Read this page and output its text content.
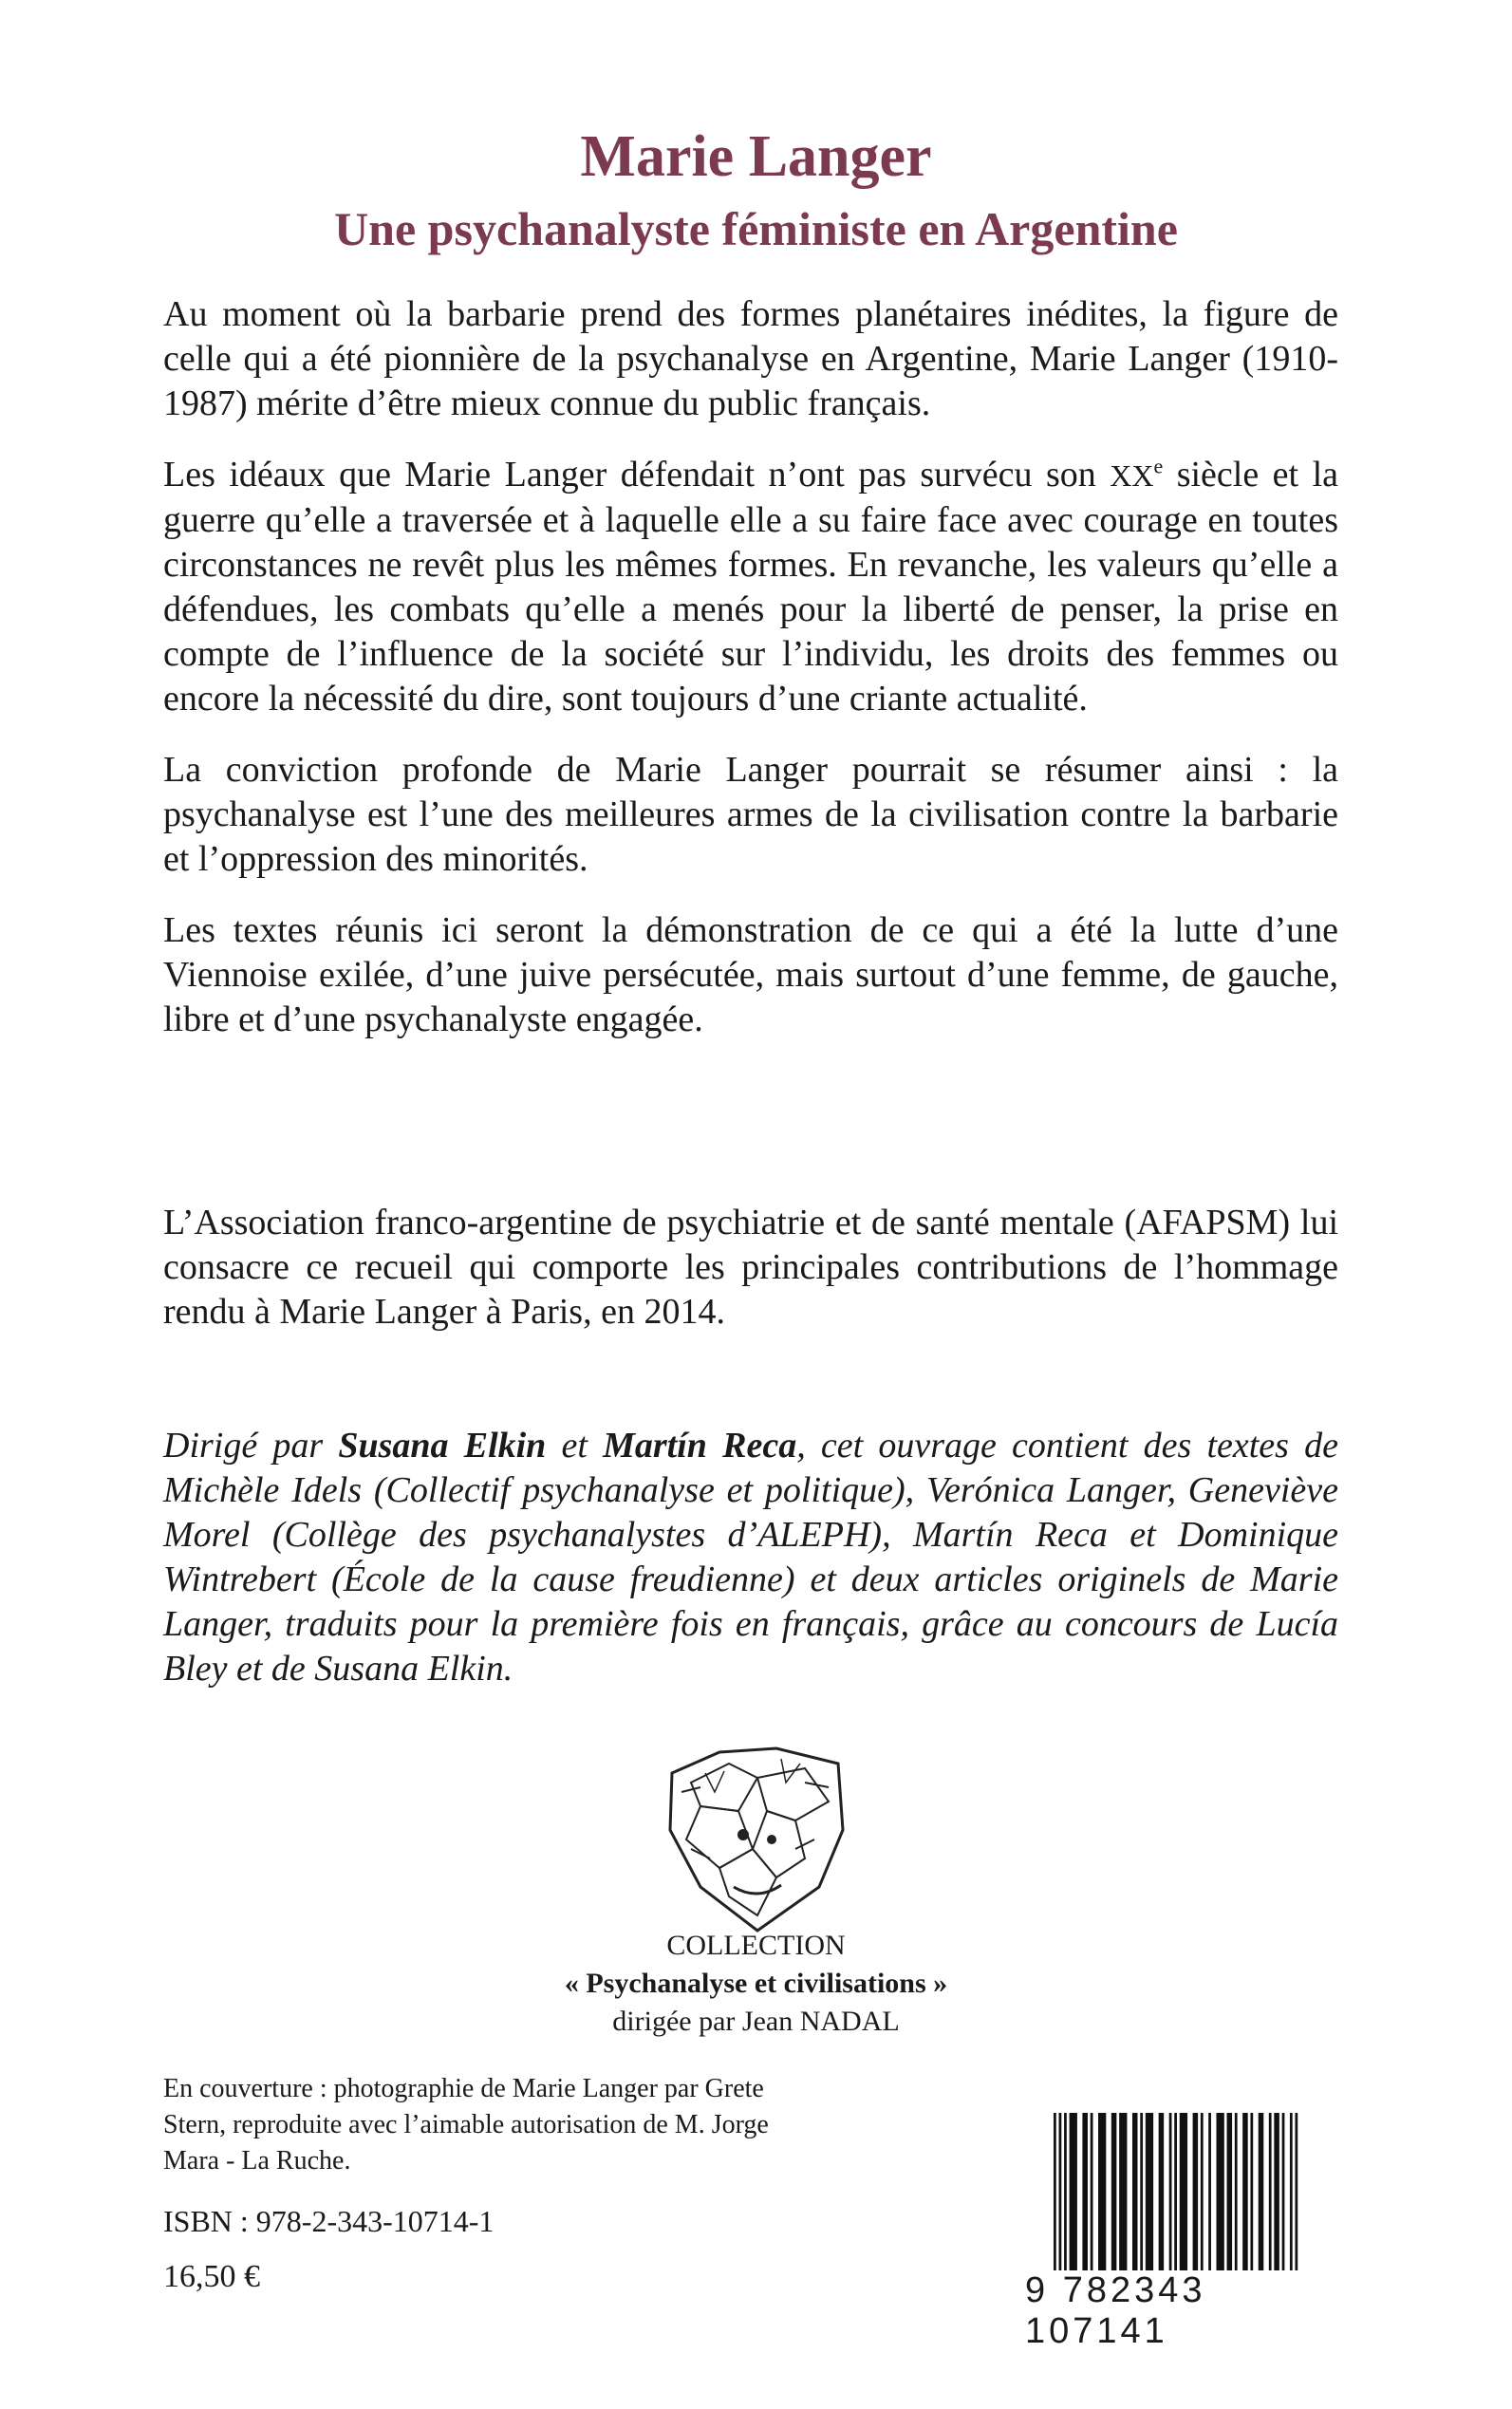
Marie Langer
Une psychanalyste féministe en Argentine

Au moment où la barbarie prend des formes planétaires inédites, la figure de celle qui a été pionnière de la psychanalyse en Argentine, Marie Langer (1910-1987) mérite d’être mieux connue du public français.

Les idéaux que Marie Langer défendait n’ont pas survécu son XXe siècle et la guerre qu’elle a traversée et à laquelle elle a su faire face avec courage en toutes circonstances ne revêt plus les mêmes formes. En revanche, les valeurs qu’elle a défendues, les combats qu’elle a menés pour la liberté de penser, la prise en compte de l’influence de la société sur l’individu, les droits des femmes ou encore la nécessité du dire, sont toujours d’une criante actualité.

La conviction profonde de Marie Langer pourrait se résumer ainsi : la psychanalyse est l’une des meilleures armes de la civilisation contre la barbarie et l’oppression des minorités.

Les textes réunis ici seront la démonstration de ce qui a été la lutte d’une Viennoise exilée, d’une juive persécutée, mais surtout d’une femme, de gauche, libre et d’une psychanalyste engagée.

L’Association franco-argentine de psychiatrie et de santé mentale (AFAPSM) lui consacre ce recueil qui comporte les principales contributions de l’hommage rendu à Marie Langer à Paris, en 2014.

Dirigé par Susana Elkin et Martín Reca, cet ouvrage contient des textes de Michèle Idels (Collectif psychanalyse et politique), Verónica Langer, Geneviève Morel (Collège des psychanalystes d’ALEPH), Martín Reca et Dominique Wintrebert (École de la cause freudienne) et deux articles originels de Marie Langer, traduits pour la première fois en français, grâce au concours de Lucía Bley et de Susana Elkin.
COLLECTION
« Psychanalyse et civilisations »
dirigée par Jean NADAL
En couverture : photographie de Marie Langer par Grete Stern, reproduite avec l’aimable autorisation de M. Jorge Mara - La Ruche.
ISBN : 978-2-343-10714-1
16,50 €	9 782343 107141
